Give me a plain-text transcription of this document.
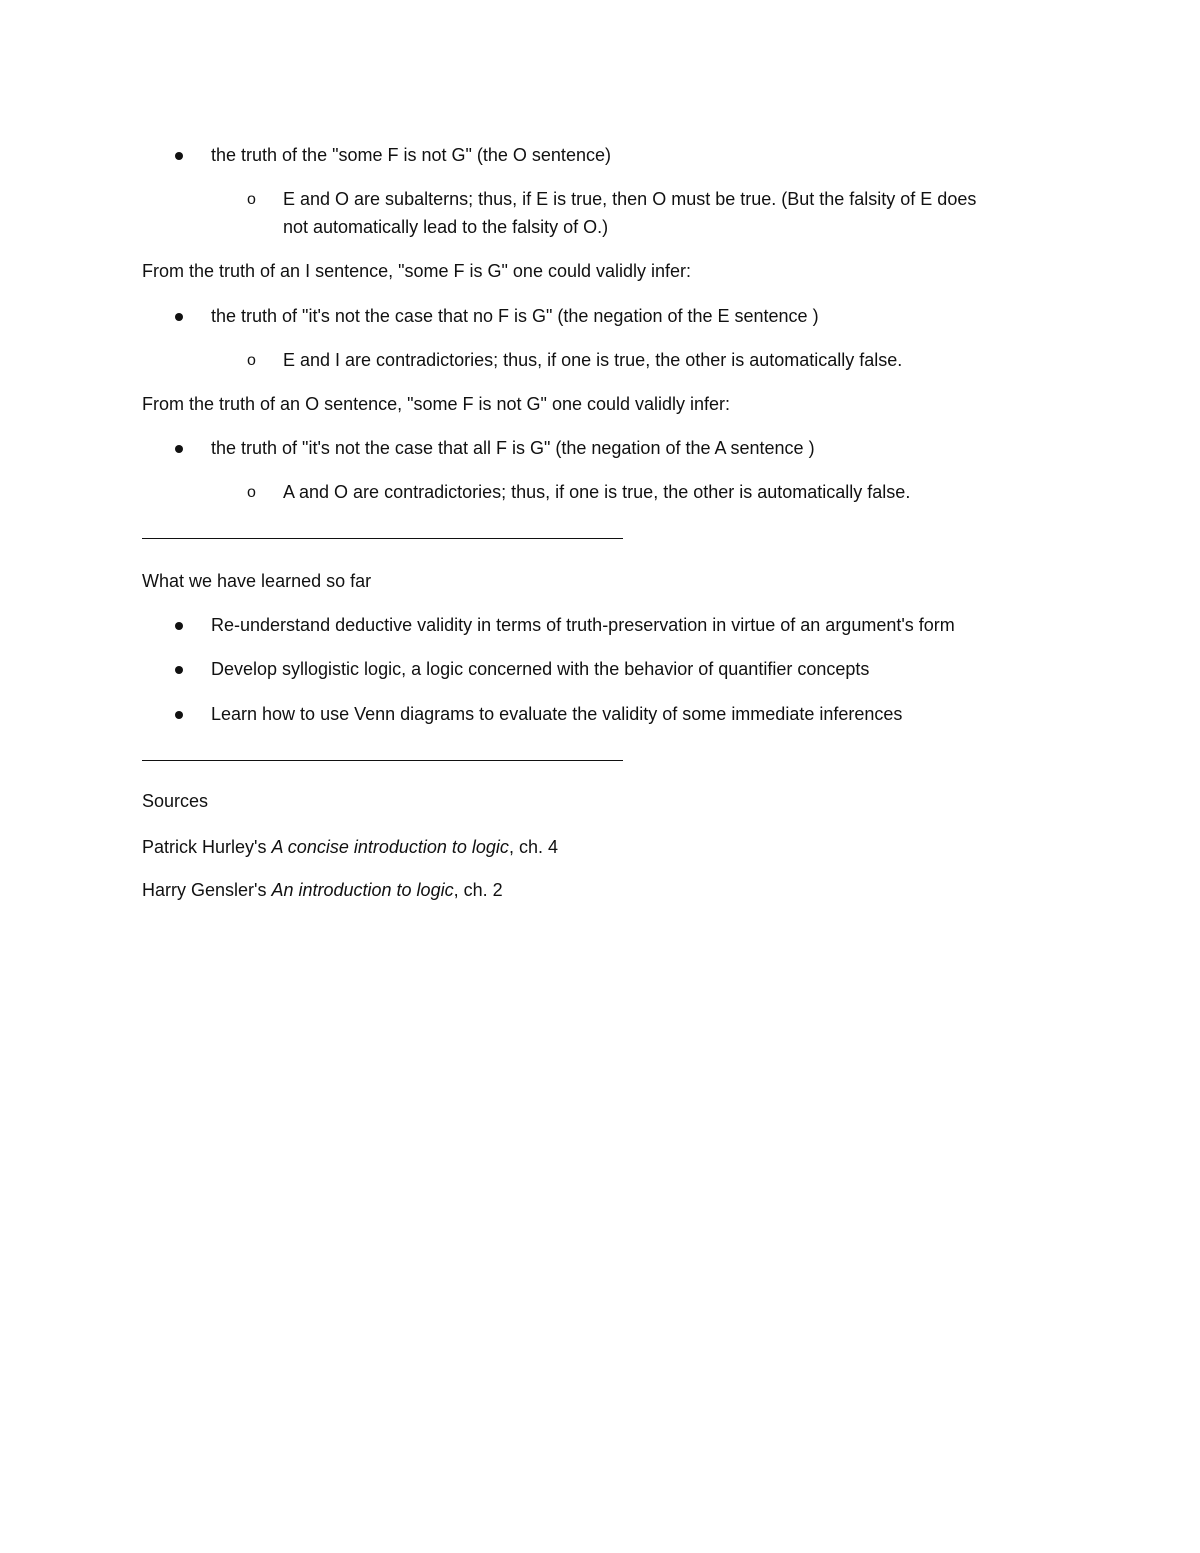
the truth of the "some F is not G" (the O sentence)
o E and O are subalterns; thus, if E is true, then O must be true. (But the falsity of E does
not automatically lead to the falsity of O.)
From the truth of an I sentence, "some F is G" one could validly infer:
the truth of "it's not the case that no F is G" (the negation of the E sentence )
o E and I are contradictories; thus, if one is true, the other is automatically false.
From the truth of an O sentence, "some F is not G" one could validly infer:
the truth of "it's not the case that all F is G" (the negation of the A sentence )
o A and O are contradictories; thus, if one is true, the other is automatically false.
What we have learned so far
Re-understand deductive validity in terms of truth-preservation in virtue of an argument's form
Develop syllogistic logic, a logic concerned with the behavior of quantifier concepts
Learn how to use Venn diagrams to evaluate the validity of some immediate inferences
Sources
Patrick Hurley's A concise introduction to logic, ch. 4
Harry Gensler's An introduction to logic, ch. 2
